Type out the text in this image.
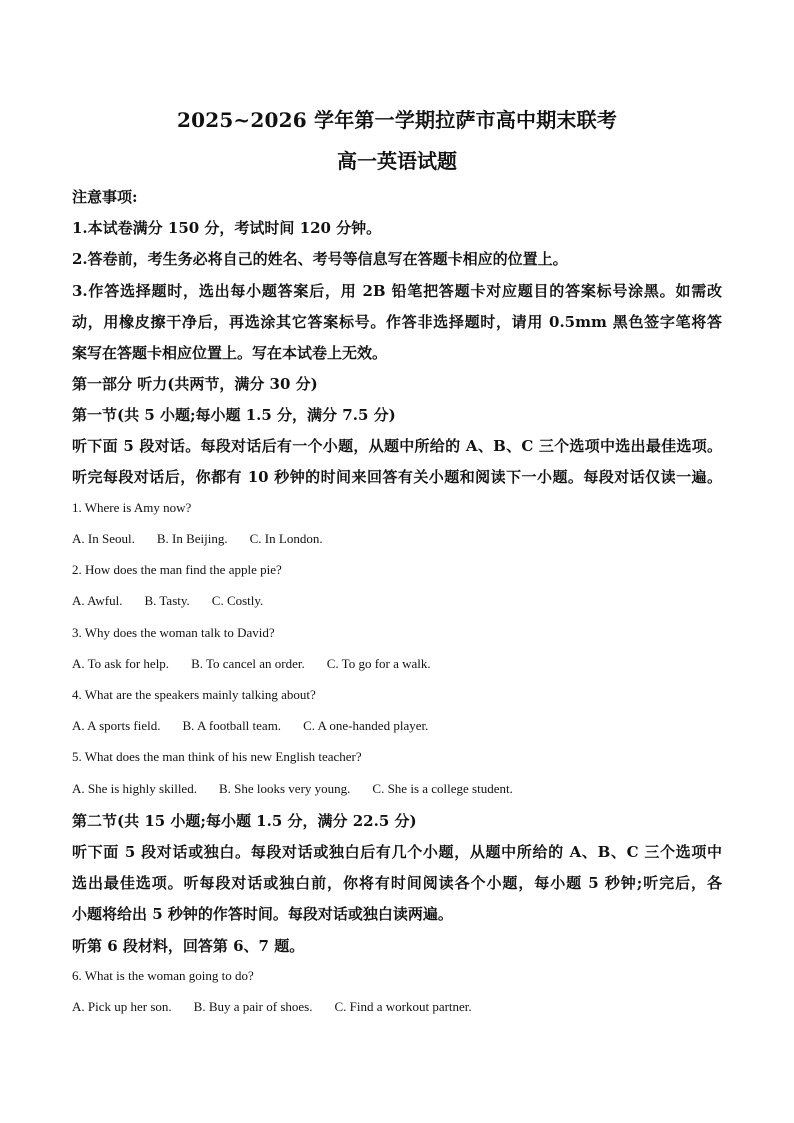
2025~2026 学年第一学期拉萨市高中期末联考
高一英语试题
注意事项:
1.本试卷满分 150 分，考试时间 120 分钟。
2.答卷前，考生务必将自己的姓名、考号等信息写在答题卡相应的位置上。
3.作答选择题时，选出每小题答案后，用 2B 铅笔把答题卡对应题目的答案标号涂黑。如需改
动，用橡皮擦干净后，再选涂其它答案标号。作答非选择题时，请用 0.5mm 黑色签字笔将答
案写在答题卡相应位置上。写在本试卷上无效。
第一部分 听力(共两节，满分 30 分)
第一节(共 5 小题;每小题 1.5 分，满分 7.5 分)
听下面 5 段对话。每段对话后有一个小题，从题中所给的 A、B、C 三个选项中选出最佳选项。
听完每段对话后，你都有 10 秒钟的时间来回答有关小题和阅读下一小题。每段对话仅读一遍。
1. Where is Amy now?
A. In Seoul. B. In Beijing. C. In London.
2. How does the man find the apple pie?
A. Awful. B. Tasty. C. Costly.
3. Why does the woman talk to David?
A. To ask for help. B. To cancel an order. C. To go for a walk.
4. What are the speakers mainly talking about?
A. A sports field. B. A football team. C. A one-handed player.
5. What does the man think of his new English teacher?
A. She is highly skilled. B. She looks very young. C. She is a college student.
第二节(共 15 小题;每小题 1.5 分，满分 22.5 分)
听下面 5 段对话或独白。每段对话或独白后有几个小题，从题中所给的 A、B、C 三个选项中
选出最佳选项。听每段对话或独白前，你将有时间阅读各个小题，每小题 5 秒钟;听完后，各
小题将给出 5 秒钟的作答时间。每段对话或独白读两遍。
听第 6 段材料，回答第 6、7 题。
6. What is the woman going to do?
A. Pick up her son. B. Buy a pair of shoes. C. Find a workout partner.
